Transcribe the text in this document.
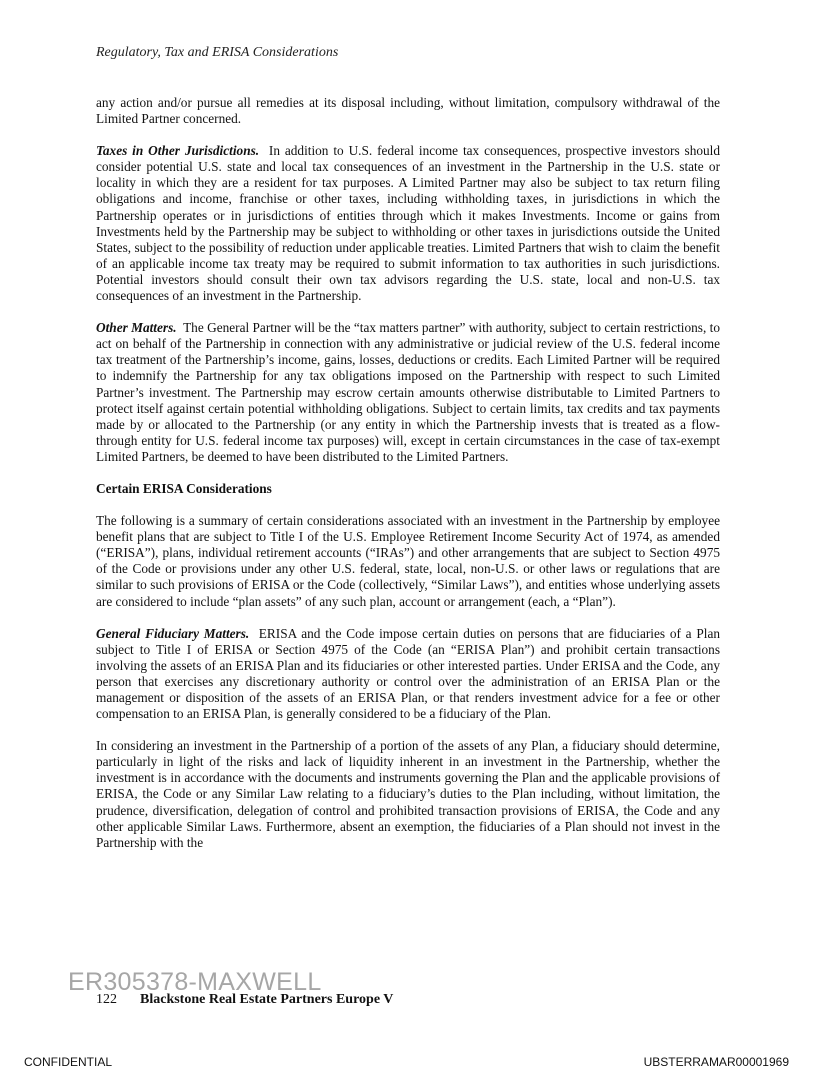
Regulatory, Tax and ERISA Considerations

any action and/or pursue all remedies at its disposal including, without limitation, compulsory withdrawal of the Limited Partner concerned.

Taxes in Other Jurisdictions. In addition to U.S. federal income tax consequences, prospective investors should consider potential U.S. state and local tax consequences of an investment in the Partnership in the U.S. state or locality in which they are a resident for tax purposes. A Limited Partner may also be subject to tax return filing obligations and income, franchise or other taxes, including withholding taxes, in jurisdictions in which the Partnership operates or in jurisdictions of entities through which it makes Investments. Income or gains from Investments held by the Partnership may be subject to withholding or other taxes in jurisdictions outside the United States, subject to the possibility of reduction under applicable treaties. Limited Partners that wish to claim the benefit of an applicable income tax treaty may be required to submit information to tax authorities in such jurisdictions. Potential investors should consult their own tax advisors regarding the U.S. state, local and non-U.S. tax consequences of an investment in the Partnership.

Other Matters. The General Partner will be the “tax matters partner” with authority, subject to certain restrictions, to act on behalf of the Partnership in connection with any administrative or judicial review of the U.S. federal income tax treatment of the Partnership’s income, gains, losses, deductions or credits. Each Limited Partner will be required to indemnify the Partnership for any tax obligations imposed on the Partnership with respect to such Limited Partner’s investment. The Partnership may escrow certain amounts otherwise distributable to Limited Partners to protect itself against certain potential withholding obligations. Subject to certain limits, tax credits and tax payments made by or allocated to the Partnership (or any entity in which the Partnership invests that is treated as a flow-through entity for U.S. federal income tax purposes) will, except in certain circumstances in the case of tax-exempt Limited Partners, be deemed to have been distributed to the Limited Partners.

Certain ERISA Considerations

The following is a summary of certain considerations associated with an investment in the Partnership by employee benefit plans that are subject to Title I of the U.S. Employee Retirement Income Security Act of 1974, as amended (“ERISA”), plans, individual retirement accounts (“IRAs”) and other arrangements that are subject to Section 4975 of the Code or provisions under any other U.S. federal, state, local, non-U.S. or other laws or regulations that are similar to such provisions of ERISA or the Code (collectively, “Similar Laws”), and entities whose underlying assets are considered to include “plan assets” of any such plan, account or arrangement (each, a “Plan”).

General Fiduciary Matters. ERISA and the Code impose certain duties on persons that are fiduciaries of a Plan subject to Title I of ERISA or Section 4975 of the Code (an “ERISA Plan”) and prohibit certain transactions involving the assets of an ERISA Plan and its fiduciaries or other interested parties. Under ERISA and the Code, any person that exercises any discretionary authority or control over the administration of an ERISA Plan or the management or disposition of the assets of an ERISA Plan, or that renders investment advice for a fee or other compensation to an ERISA Plan, is generally considered to be a fiduciary of the Plan.

In considering an investment in the Partnership of a portion of the assets of any Plan, a fiduciary should determine, particularly in light of the risks and lack of liquidity inherent in an investment in the Partnership, whether the investment is in accordance with the documents and instruments governing the Plan and the applicable provisions of ERISA, the Code or any Similar Law relating to a fiduciary’s duties to the Plan including, without limitation, the prudence, diversification, delegation of control and prohibited transaction provisions of ERISA, the Code and any other applicable Similar Laws. Furthermore, absent an exemption, the fiduciaries of a Plan should not invest in the Partnership with the

ER305378-MAXWELL
122 Blackstone Real Estate Partners Europe V
CONFIDENTIAL	UBSTERRAMAR00001969
